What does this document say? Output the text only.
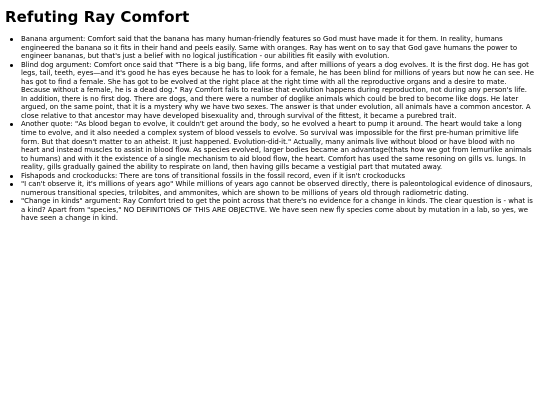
Refuting Ray Comfort
Banana argument: Comfort said that the banana has many human-friendly features so God must have made it for them. In reality, humans engineered the banana so it fits in their hand and peels easily. Same with oranges. Ray has went on to say that God gave humans the power to engineer bananas, but that's just a belief with no logical justification - our abilities fit easily with evolution.
Blind dog argument: Comfort once said that "There is a big bang, life forms, and after millions of years a dog evolves. It is the first dog. He has got legs, tail, teeth, eyes—and it's good he has eyes because he has to look for a female, he has been blind for millions of years but now he can see. He has got to find a female. She has got to be evolved at the right place at the right time with all the reproductive organs and a desire to mate. Because without a female, he is a dead dog." Ray Comfort fails to realise that evolution happens during reproduction, not during any person's life. In addition, there is no first dog. There are dogs, and there were a number of doglike animals which could be bred to become like dogs. He later argued, on the same point, that it is a mystery why we have two sexes. The answer is that under evolution, all animals have a common ancestor. A close relative to that ancestor may have developed bisexuality and, through survival of the fittest, it became a purebred trait.
Another quote: "As blood began to evolve, it couldn't get around the body, so he evolved a heart to pump it around. The heart would take a long time to evolve, and it also needed a complex system of blood vessels to evolve. So survival was impossible for the first pre-human primitive life form. But that doesn't matter to an atheist. It just happened. Evolution-did-it." Actually, many animals live without blood or have blood with no heart and instead muscles to assist in blood flow. As species evolved, larger bodies became an advantage(thats how we got from lemurlike animals to humans) and with it the existence of a single mechanism to aid blood flow, the heart. Comfort has used the same resoning on gills vs. lungs. In reality, gills gradually gained the ability to respirate on land, then having gills became a vestigial part that mutated away.
Fishapods and crockoducks: There are tons of transitional fossils in the fossil record, even if it isn't crockoducks
"I can't observe it, it's millions of years ago" While millions of years ago cannot be observed directly, there is paleontological evidence of dinosaurs, numerous transitional species, trilobites, and ammonites, which are shown to be millions of years old through radiometric dating.
"Change in kinds" argument: Ray Comfort tried to get the point across that there's no evidence for a change in kinds. The clear question is - what is a kind? Apart from "species," NO DEFINITIONS OF THIS ARE OBJECTIVE. We have seen new fly species come about by mutation in a lab, so yes, we have seen a change in kind.
